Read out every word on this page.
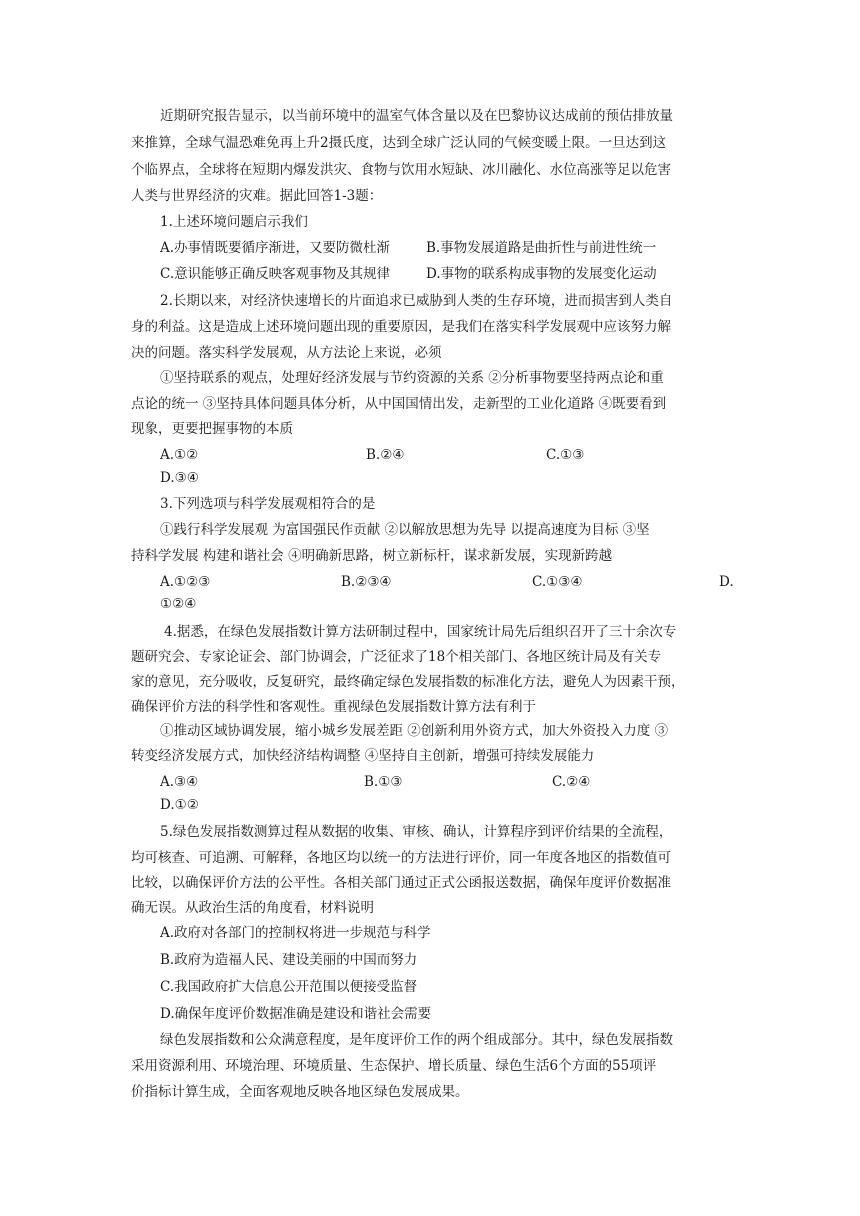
近期研究报告显示，以当前环境中的温室气体含量以及在巴黎协议达成前的预估排放量
来推算，全球气温恐难免再上升2摄氏度，达到全球广泛认同的气候变暖上限。一旦达到这
个临界点，全球将在短期内爆发洪灾、食物与饮用水短缺、冰川融化、水位高涨等足以危害
人类与世界经济的灾难。据此回答1-3题：
1.上述环境问题启示我们
A.办事情既要循序渐进，又要防微杜渐	B.事物发展道路是曲折性与前进性统一
C.意识能够正确反映客观事物及其规律	D.事物的联系构成事物的发展变化运动
2.长期以来，对经济快速增长的片面追求已威胁到人类的生存环境，进而损害到人类自
身的利益。这是造成上述环境问题出现的重要原因，是我们在落实科学发展观中应该努力解
决的问题。落实科学发展观，从方法论上来说，必须
①坚持联系的观点，处理好经济发展与节约资源的关系 ②分析事物要坚持两点论和重
点论的统一 ③坚持具体问题具体分析，从中国国情出发，走新型的工业化道路 ④既要看到
现象，更要把握事物的本质
A.①②	B.②④	C.①③
D.③④
3.下列选项与科学发展观相符合的是
①践行科学发展观 为富国强民作贡献 ②以解放思想为先导 以提高速度为目标 ③坚
持科学发展 构建和谐社会 ④明确新思路，树立新标杆，谋求新发展，实现新跨越
A.①②③	B.②③④	C.①③④	D.
①②④
4.据悉，在绿色发展指数计算方法研制过程中，国家统计局先后组织召开了三十余次专
题研究会、专家论证会、部门协调会，广泛征求了18个相关部门、各地区统计局及有关专
家的意见，充分吸收，反复研究，最终确定绿色发展指数的标准化方法，避免人为因素干预，
确保评价方法的科学性和客观性。重视绿色发展指数计算方法有利于
①推动区域协调发展，缩小城乡发展差距 ②创新利用外资方式，加大外资投入力度 ③
转变经济发展方式，加快经济结构调整 ④坚持自主创新，增强可持续发展能力
A.③④	B.①③	C.②④
D.①②
5.绿色发展指数测算过程从数据的收集、审核、确认，计算程序到评价结果的全流程，
均可核查、可追溯、可解释，各地区均以统一的方法进行评价，同一年度各地区的指数值可
比较，以确保评价方法的公平性。各相关部门通过正式公函报送数据，确保年度评价数据准
确无误。从政治生活的角度看，材料说明
A.政府对各部门的控制权将进一步规范与科学
B.政府为造福人民、建设美丽的中国而努力
C.我国政府扩大信息公开范围以便接受监督
D.确保年度评价数据准确是建设和谐社会需要
绿色发展指数和公众满意程度，是年度评价工作的两个组成部分。其中，绿色发展指数
采用资源利用、环境治理、环境质量、生态保护、增长质量、绿色生活6个方面的55项评
价指标计算生成，全面客观地反映各地区绿色发展成果。
